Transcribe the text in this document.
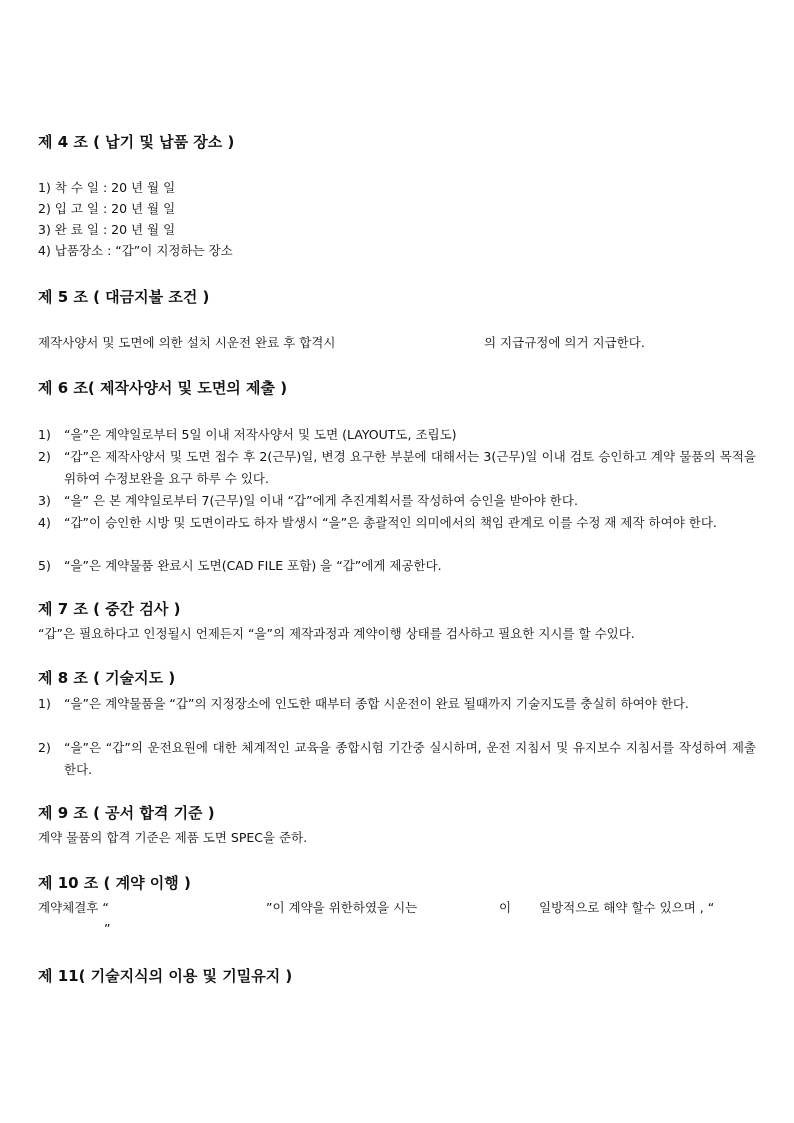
제 4 조 ( 납기 및 납품 장소 )
1) 착 수 일 : 20 년 월 일
2) 입 고 일 : 20 년 월 일
3) 완 료 일 : 20 년 월 일
4) 납품장소 : “갑”이 지정하는 장소
제 5 조 ( 대금지불 조건 )
제작사양서 및 도면에 의한 설치 시운전 완료 후 합격시	의 지급규정에 의거 지급한다.
제 6 조( 제작사양서 및 도면의 제출 )
1)	“을”은 계약일로부터 5일 이내 저작사양서 및 도면 (LAYOUT도, 조립도)
2)	“갑”은 제작사양서 및 도면 접수 후 2(근무)일, 변경 요구한 부분에 대해서는 3(근무)일 이내 검토 승인하고 계약 물품의 목적을 위하여 수정보완을 요구 하루 수 있다.
3)	“을” 은 본 계약일로부터 7(근무)일 이내 “갑”에게 추진계획서를 작성하여 승인을 받아야 한다.
4)	“갑”이 승인한 시방 및 도면이라도 하자 발생시 “을”은 총괄적인 의미에서의 책임 관계로 이를 수정 재 제작 하여야 한다.
5)	“을”은 계약물품 완료시 도면(CAD FILE 포함) 을 “갑”에게 제공한다.
제 7 조 ( 중간 검사 )
“갑”은 필요하다고 인정될시 언제든지 “을”의 제작과정과 계약이행 상태를 검사하고 필요한 지시를 할 수있다.
제 8 조 ( 기술지도 )
1)	“을”은 계약물품을 “갑”의 지정장소에 인도한 때부터 종합 시운전이 완료 될때까지 기술지도를 충실히 하여야 한다.
2)	“을”은 “갑”의 운전요원에 대한 체계적인 교육을 종합시험 기간중 실시하며, 운전 지침서 및 유지보수 지침서를 작성하여 제출한다.
제 9 조 ( 공서 합격 기준 )
계약 물품의 합격 기준은 제품 도면 SPEC을 준하.
제 10 조 ( 계약 이행 )
계약체결후 “	”이 계약을 위한하였을 시는	이 일방적으로 해약 할수 있으며 , “
”
제 11( 기술지식의 이용 및 기밀유지 )
